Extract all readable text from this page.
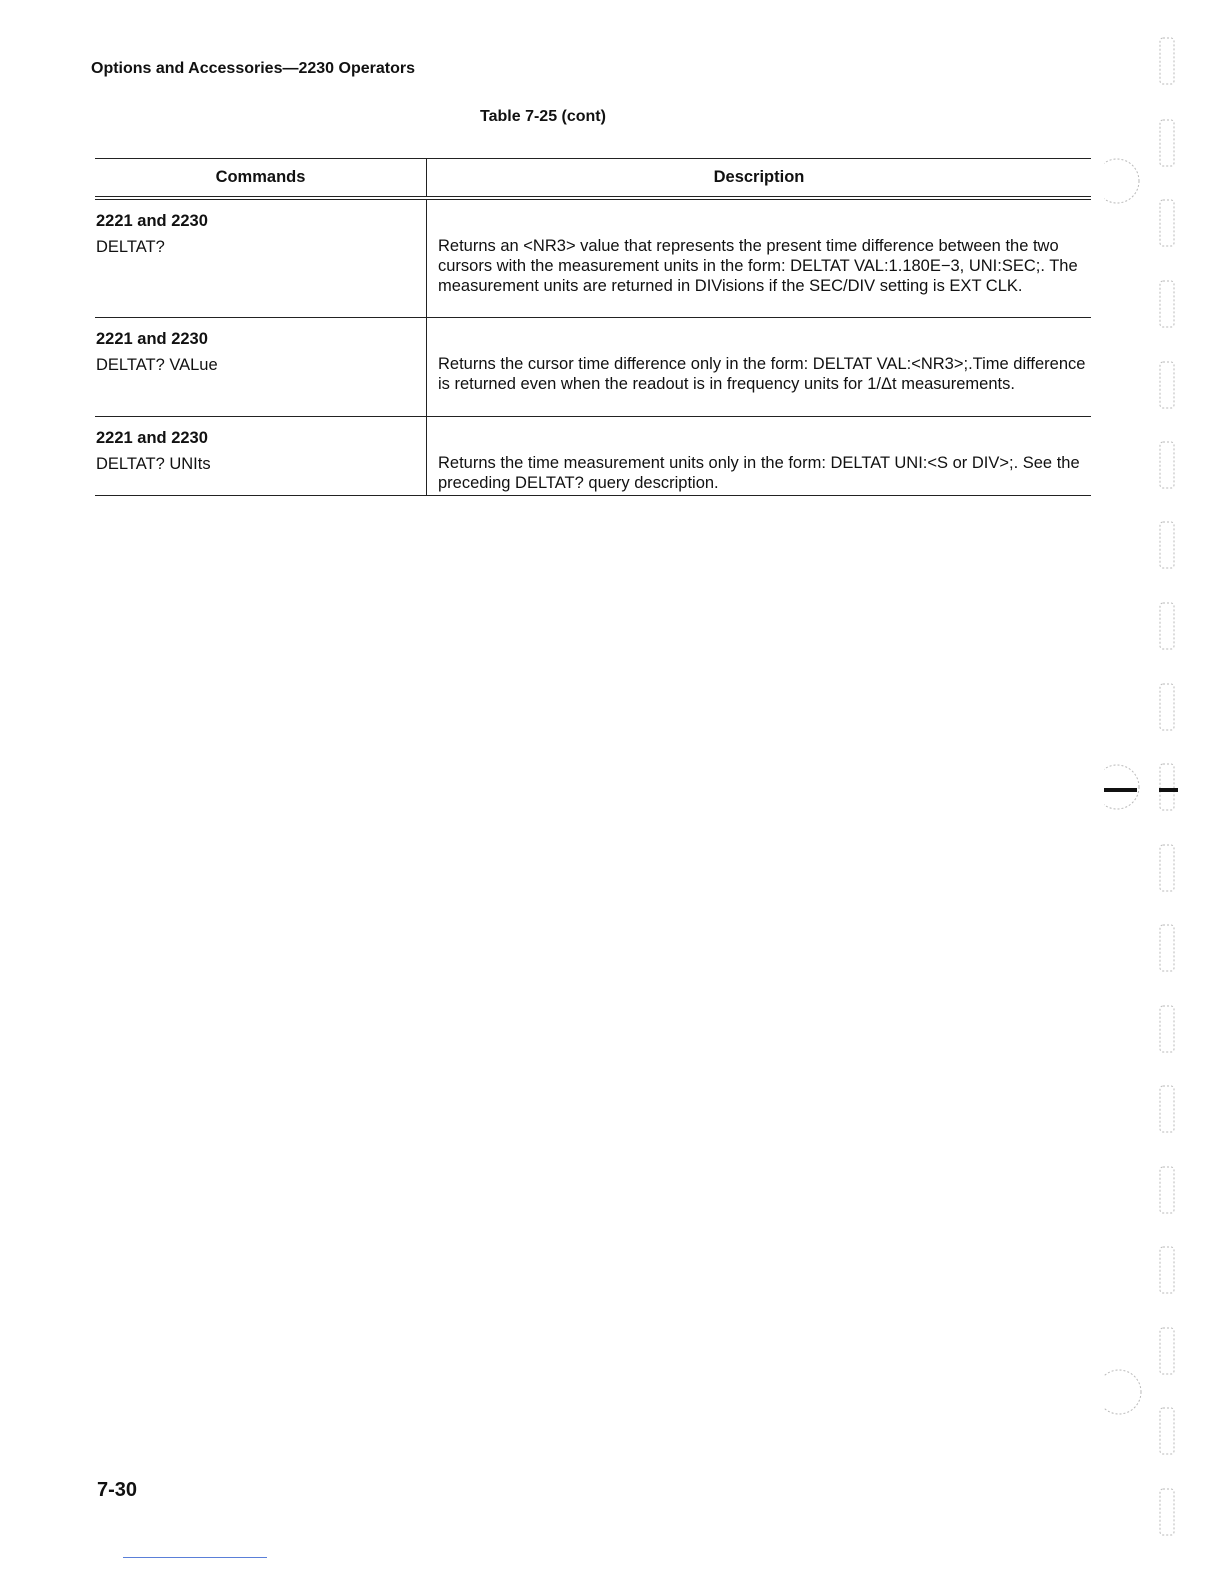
Options and Accessories—2230 Operators
Table 7-25 (cont)
Commands	Description
2221 and 2230
DELTAT?	Returns an <NR3> value that represents the present time difference between the two cursors with the measurement units in the form: DELTAT VAL:1.180E−3, UNI:SEC;. The measurement units are returned in DIVisions if the SEC/DIV setting is EXT CLK.
2221 and 2230
DELTAT? VALue	Returns the cursor time difference only in the form: DELTAT VAL:<NR3>;.Time difference is returned even when the readout is in frequency units for 1/Δt measurements.
2221 and 2230
DELTAT? UNIts	Returns the time measurement units only in the form: DELTAT UNI:<S or DIV>;. See the preceding DELTAT? query description.
7-30
